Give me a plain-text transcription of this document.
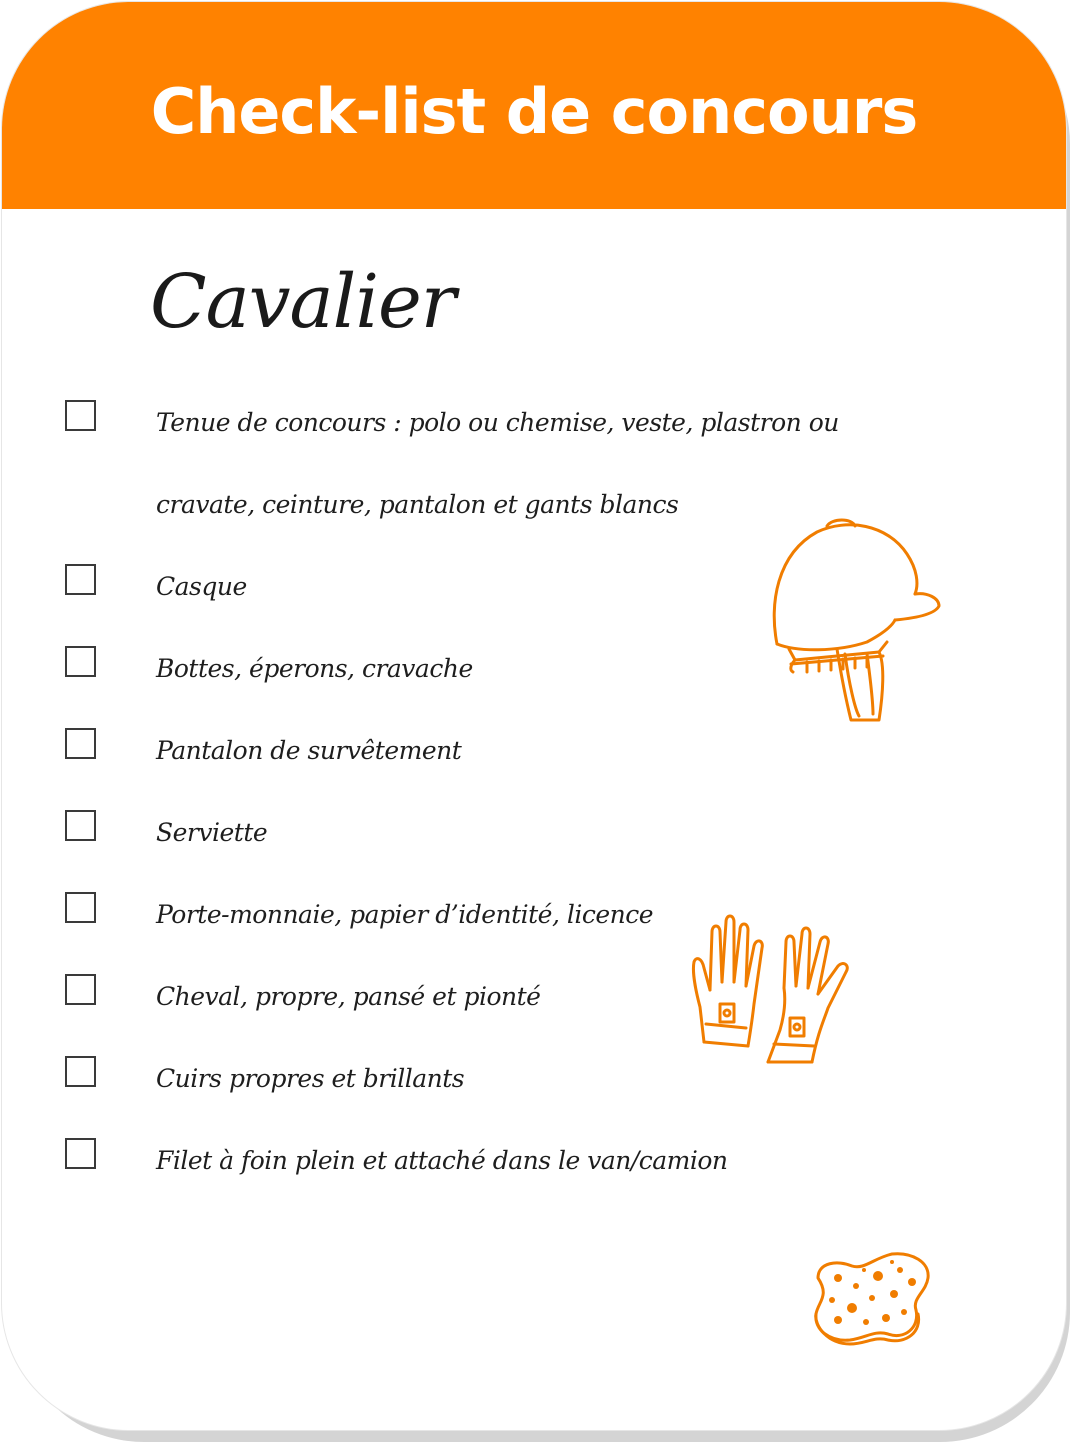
Check-list de concours
Cavalier
Tenue de concours : polo ou chemise, veste, plastron ou cravate, ceinture, pantalon et gants blancs
Casque
Bottes, éperons, cravache
Pantalon de survêtement
Serviette
Porte-monnaie, papier d’identité, licence
Cheval, propre, pansé et pionté
Cuirs propres et brillants
Filet à foin plein et attaché dans le van/camion
